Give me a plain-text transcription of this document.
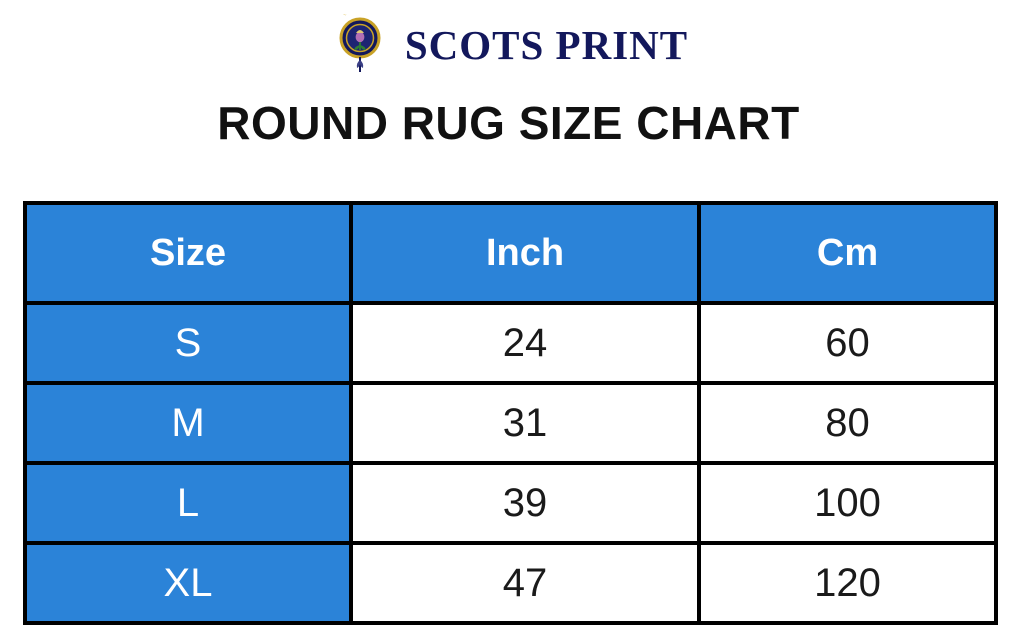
SCOTS PRINT
ROUND RUG SIZE CHART
Size	Inch	Cm
S	24	60
M	31	80
L	39	100
XL	47	120
